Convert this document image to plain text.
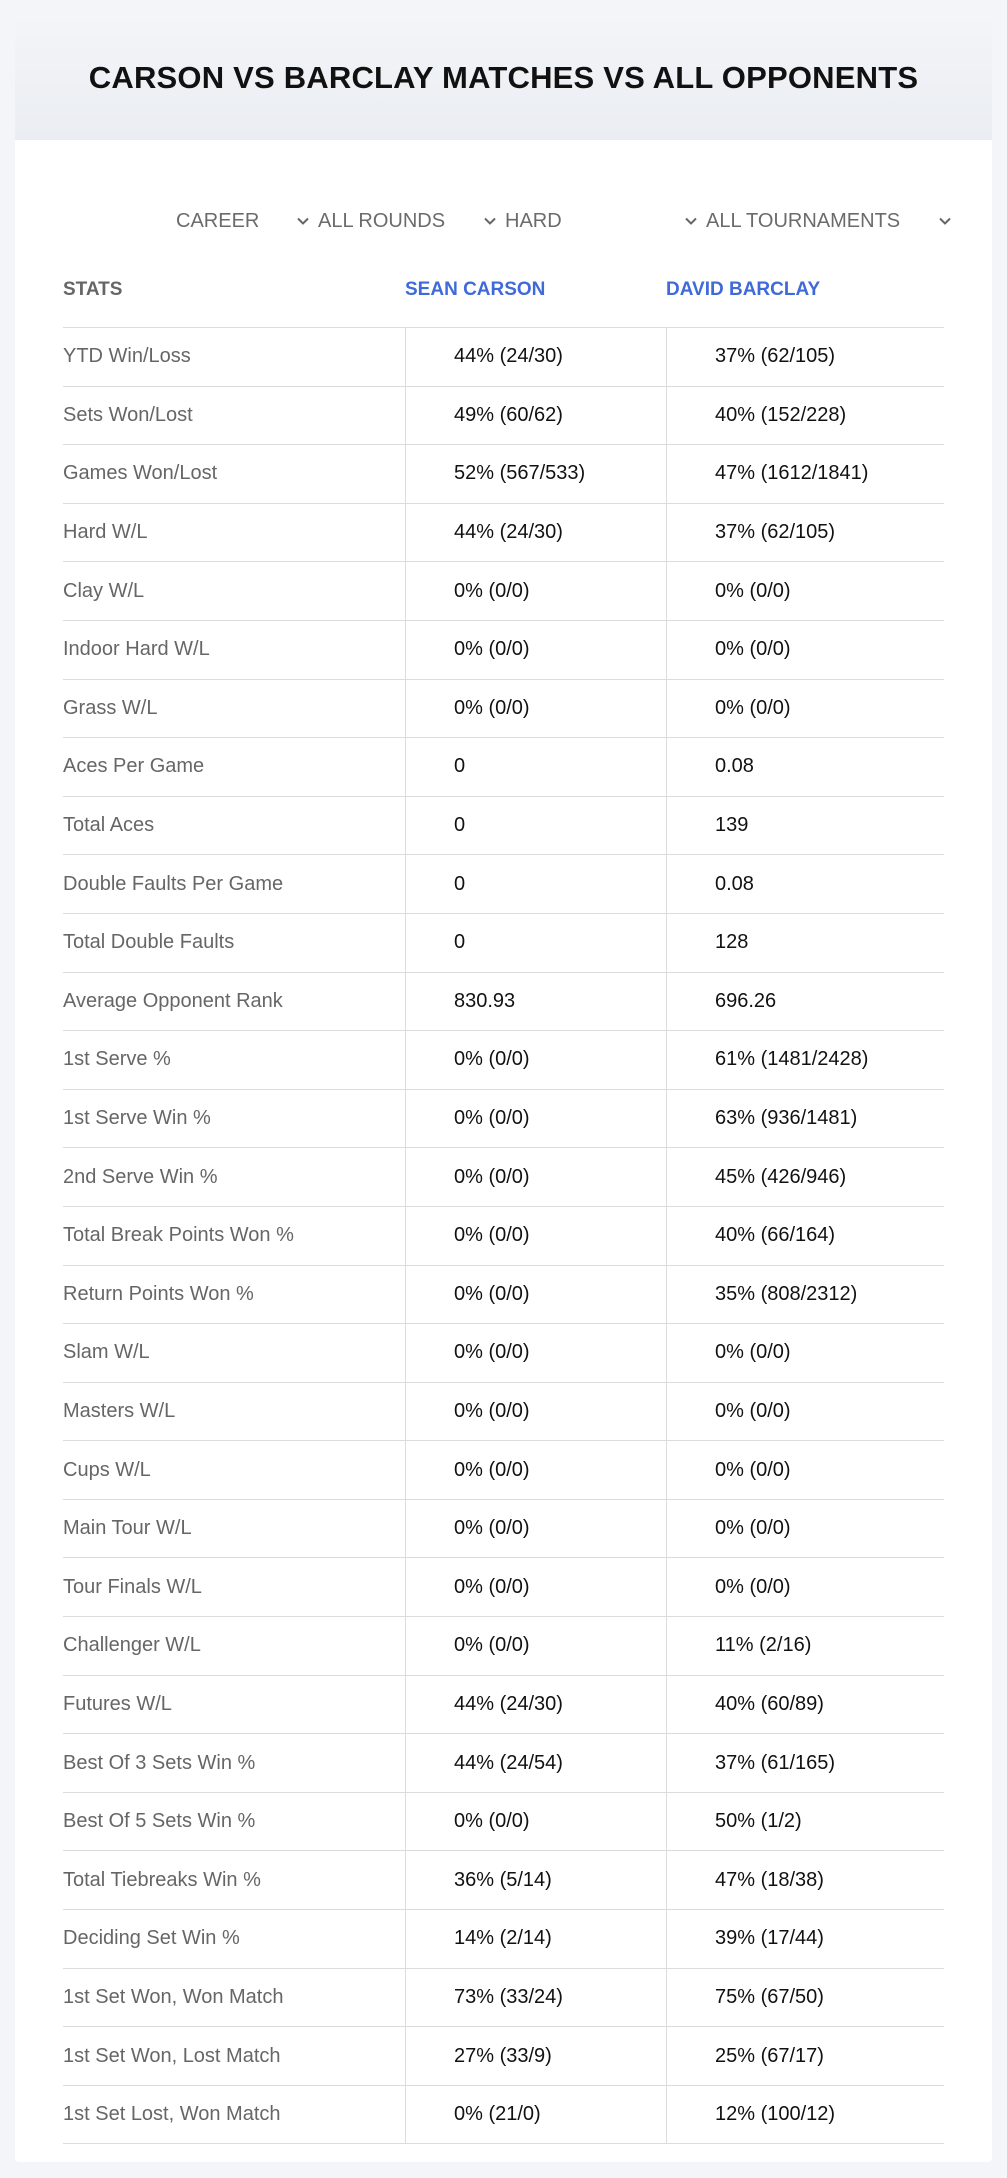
CARSON VS BARCLAY MATCHES VS ALL OPPONENTS
CAREER	ALL ROUNDS	HARD	ALL TOURNAMENTS
STATS	SEAN CARSON	DAVID BARCLAY
YTD Win/Loss	44% (24/30)	37% (62/105)
Sets Won/Lost	49% (60/62)	40% (152/228)
Games Won/Lost	52% (567/533)	47% (1612/1841)
Hard W/L	44% (24/30)	37% (62/105)
Clay W/L	0% (0/0)	0% (0/0)
Indoor Hard W/L	0% (0/0)	0% (0/0)
Grass W/L	0% (0/0)	0% (0/0)
Aces Per Game	0	0.08
Total Aces	0	139
Double Faults Per Game	0	0.08
Total Double Faults	0	128
Average Opponent Rank	830.93	696.26
1st Serve %	0% (0/0)	61% (1481/2428)
1st Serve Win %	0% (0/0)	63% (936/1481)
2nd Serve Win %	0% (0/0)	45% (426/946)
Total Break Points Won %	0% (0/0)	40% (66/164)
Return Points Won %	0% (0/0)	35% (808/2312)
Slam W/L	0% (0/0)	0% (0/0)
Masters W/L	0% (0/0)	0% (0/0)
Cups W/L	0% (0/0)	0% (0/0)
Main Tour W/L	0% (0/0)	0% (0/0)
Tour Finals W/L	0% (0/0)	0% (0/0)
Challenger W/L	0% (0/0)	11% (2/16)
Futures W/L	44% (24/30)	40% (60/89)
Best Of 3 Sets Win %	44% (24/54)	37% (61/165)
Best Of 5 Sets Win %	0% (0/0)	50% (1/2)
Total Tiebreaks Win %	36% (5/14)	47% (18/38)
Deciding Set Win %	14% (2/14)	39% (17/44)
1st Set Won, Won Match	73% (33/24)	75% (67/50)
1st Set Won, Lost Match	27% (33/9)	25% (67/17)
1st Set Lost, Won Match	0% (21/0)	12% (100/12)
